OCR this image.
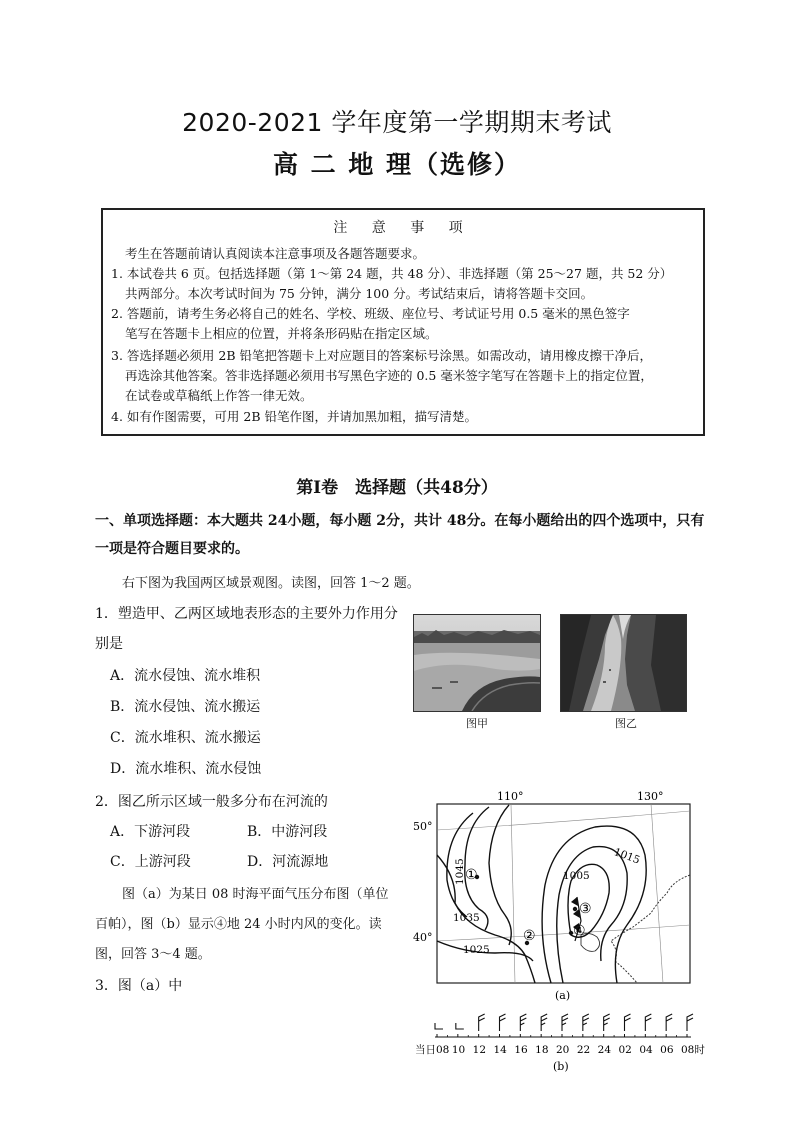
2020-2021 学年度第一学期期末考试
高 二 地 理（选修）
注 意 事 项
考生在答题前请认真阅读本注意事项及各题答题要求。
1. 本试卷共 6 页。包括选择题（第 1～第 24 题，共 48 分）、非选择题（第 25～27 题，共 52 分）
共两部分。本次考试时间为 75 分钟，满分 100 分。考试结束后，请将答题卡交回。
2. 答题前，请考生务必将自己的姓名、学校、班级、座位号、考试证号用 0.5 毫米的黑色签字
笔写在答题卡上相应的位置，并将条形码贴在指定区域。
3. 答选择题必须用 2B 铅笔把答题卡上对应题目的答案标号涂黑。如需改动，请用橡皮擦干净后，
再选涂其他答案。答非选择题必须用书写黑色字迹的 0.5 毫米签字笔写在答题卡上的指定位置，
在试卷或草稿纸上作答一律无效。
4. 如有作图需要，可用 2B 铅笔作图，并请加黑加粗，描写清楚。
第Ⅰ卷　选择题（共48分）
一、单项选择题：本大题共 24小题，每小题 2分，共计 48分。在每小题给出的四个选项中，只有
一项是符合题目要求的。
右下图为我国两区域景观图。读图，回答 1～2 题。
1．塑造甲、乙两区域地表形态的主要外力作用分
别是
A．流水侵蚀、流水堆积
B．流水侵蚀、流水搬运
C．流水堆积、流水搬运
D．流水堆积、流水侵蚀
2．图乙所示区域一般多分布在河流的
A．下游河段	B．中游河段
C．上游河段	D．河流源地
图（a）为某日 08 时海平面气压分布图（单位
百帕），图（b）显示④地 24 小时内风的变化。读
图，回答 3～4 题。
3．图（a）中
图甲	图乙
110°	130°
50°
40°
1045
1035
1025
1015
1005
①
②
③
④
(a)
当日08 10 12 14 16 18 20 22 24 02 04 06 08时
(b)
